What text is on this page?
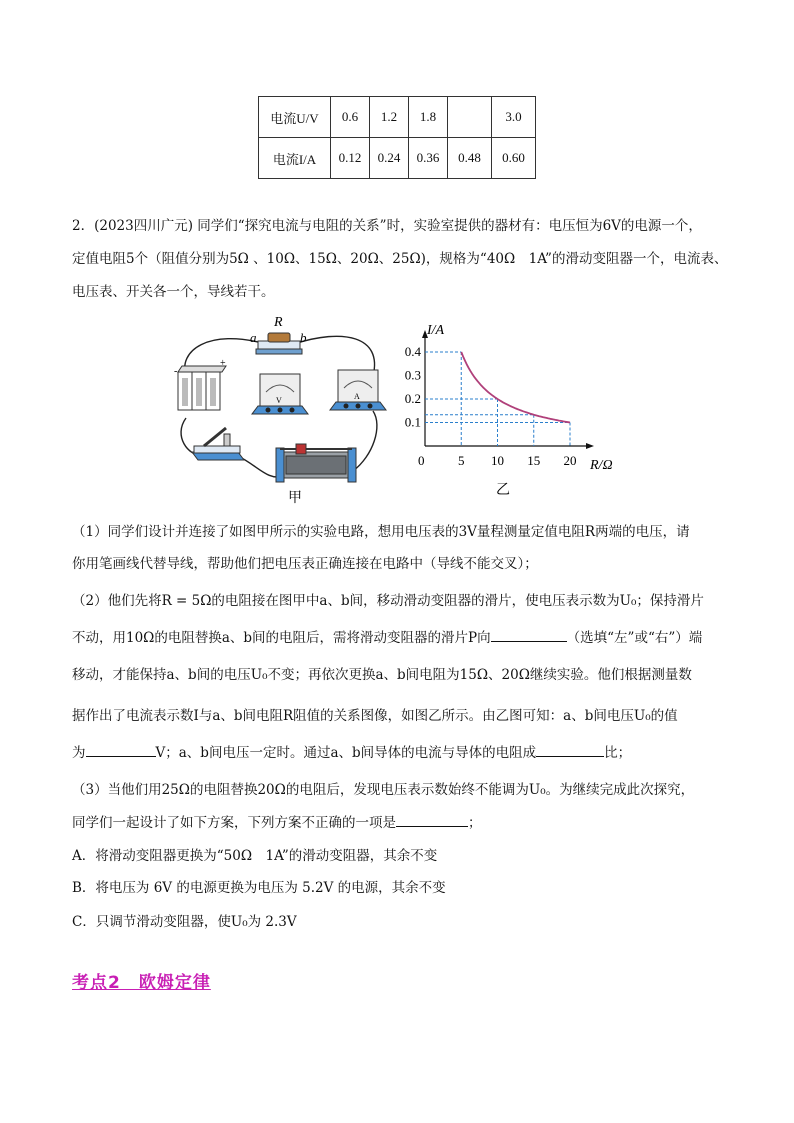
电流U/V	0.6	1.2	1.8		3.0
电流I/A	0.12	0.24	0.36	0.48	0.60
2．(2023四川广元) 同学们“探究电流与电阻的关系”时，实验室提供的器材有：电压恒为6V的电源一个，
定值电阻5个（阻值分别为5Ω 、10Ω、15Ω、20Ω、25Ω)，规格为“40Ω　1A”的滑动变阻器一个，电流表、
电压表、开关各一个，导线若干。
R
a	b
-
+
V	A
甲
5 10 15 20
0.1
0.2
0.3
0.4
I/A
R/Ω
0
乙
（1）同学们设计并连接了如图甲所示的实验电路，想用电压表的3V量程测量定值电阻R两端的电压，请
你用笔画线代替导线，帮助他们把电压表正确连接在电路中（导线不能交叉）；
（2）他们先将R = 5Ω的电阻接在图甲中a、b间，移动滑动变阻器的滑片，使电压表示数为U₀；保持滑片
不动，用10Ω的电阻替换a、b间的电阻后，需将滑动变阻器的滑片P向	（选填“左”或“右”）端
移动，才能保持a、b间的电压U₀不变；再依次更换a、b间电阻为15Ω、20Ω继续实验。他们根据测量数
据作出了电流表示数I与a、b间电阻R阻值的关系图像，如图乙所示。由乙图可知：a、b间电压U₀的值
为	V；a、b间电压一定时。通过a、b间导体的电流与导体的电阻成	比；
（3）当他们用25Ω的电阻替换20Ω的电阻后，发现电压表示数始终不能调为U₀。为继续完成此次探究，
同学们一起设计了如下方案，下列方案不正确的一项是	；
A．将滑动变阻器更换为“50Ω　1A”的滑动变阻器，其余不变
B．将电压为 6V 的电源更换为电压为 5.2V 的电源，其余不变
C．只调节滑动变阻器，使U₀为 2.3V
考点2　欧姆定律
